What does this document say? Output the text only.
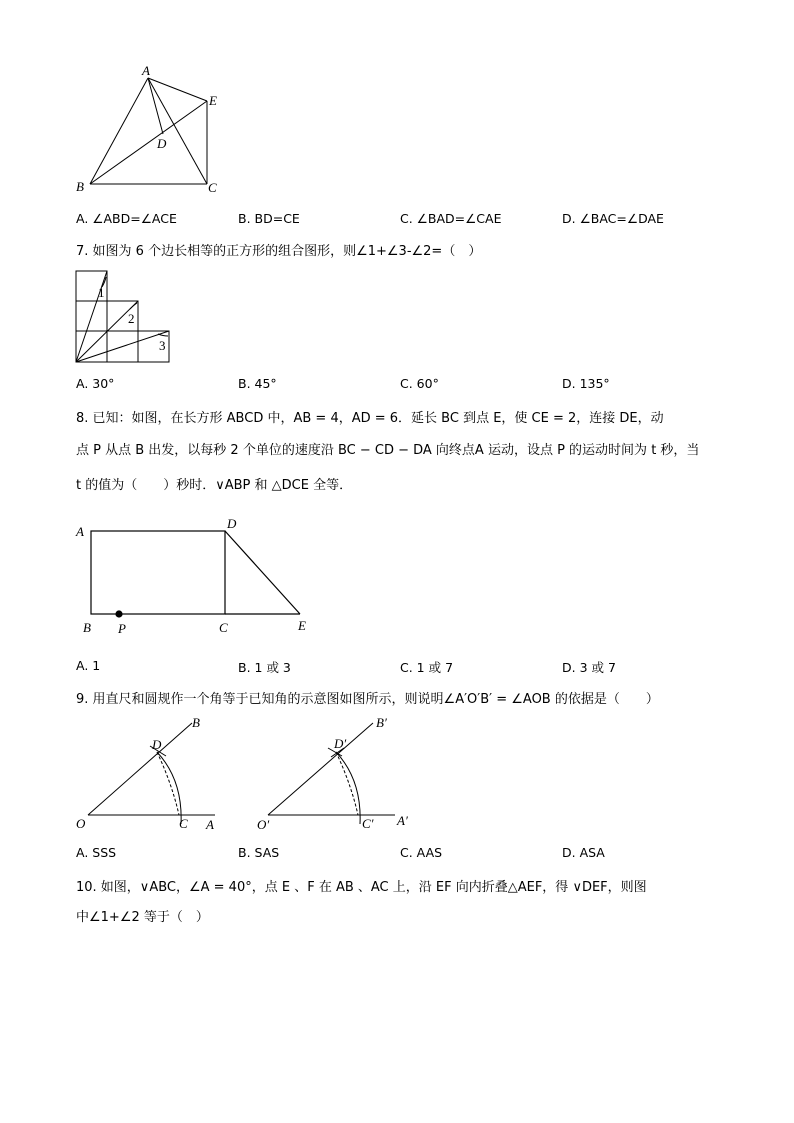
A
E
D
B	C
A. ∠ABD=∠ACE	B. BD=CE	C. ∠BAD=∠CAE	D. ∠BAC=∠DAE
7. 如图为 6 个边长相等的正方形的组合图形，则∠1+∠3-∠2=（　）
1
2
3
A. 30°	B. 45°	C. 60°	D. 135°
8. 已知：如图，在长方形 ABCD 中，AB = 4，AD = 6．延长 BC 到点 E，使 CE = 2，连接 DE，动
点 P 从点 B 出发，以每秒 2 个单位的速度沿 BC − CD − DA 向终点A 运动，设点 P 的运动时间为 t 秒，当
t 的值为（　　）秒时．∨ABP 和 △DCE 全等．
A
D
B P	C	E
A. 1	B. 1 或 3	C. 1 或 7	D. 3 或 7
9. 用直尺和圆规作一个角等于已知角的示意图如图所示，则说明∠A′O′B′ = ∠AOB 的依据是（　　）
O	A
B
C
D
O′	A′
B′
C′
D′
A. SSS	B. SAS	C. AAS	D. ASA
10. 如图，∨ABC，∠A = 40°，点 E 、F 在 AB 、AC 上，沿 EF 向内折叠△AEF，得 ∨DEF，则图
中∠1+∠2 等于（　）
